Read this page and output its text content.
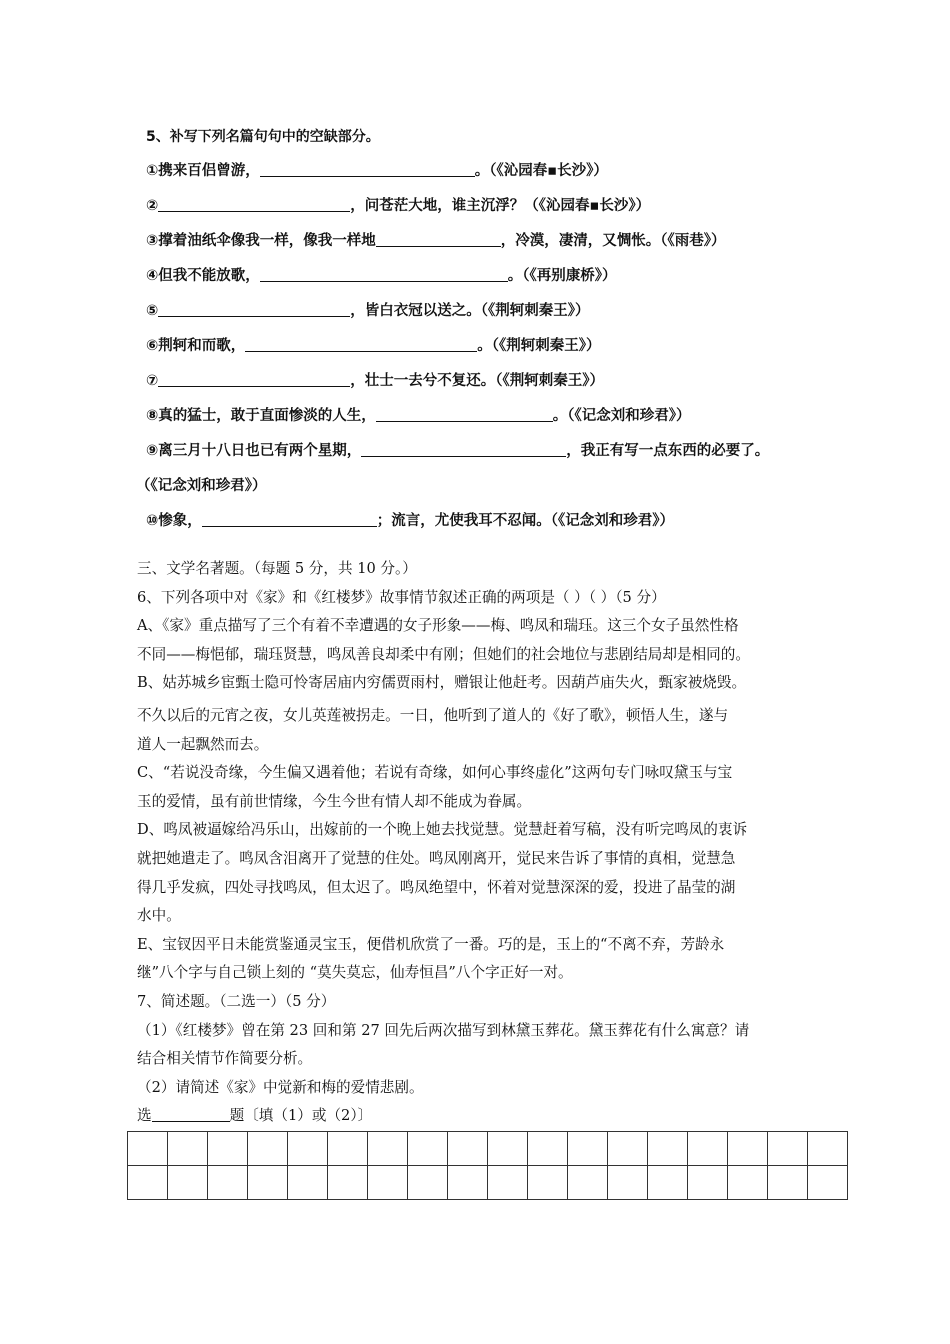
5、补写下列名篇句句中的空缺部分。
①携来百侣曾游，	。（《沁园春▪长沙》）
②	，问苍茫大地，谁主沉浮？（《沁园春▪长沙》）
③撑着油纸伞像我一样，像我一样地	，冷漠，凄清，又惆怅。（《雨巷》）
④但我不能放歌，	。（《再别康桥》）
⑤	，皆白衣冠以送之。（《荆轲刺秦王》）
⑥荆轲和而歌，	。（《荆轲刺秦王》）
⑦	，壮士一去兮不复还。（《荆轲刺秦王》）
⑧真的猛士，敢于直面惨淡的人生，	。（《记念刘和珍君》）
⑨离三月十八日也已有两个星期，	，我正有写一点东西的必要了。
（《记念刘和珍君》）
⑩惨象，	；流言，尤使我耳不忍闻。（《记念刘和珍君》）
三、文学名著题。（每题 5 分，共 10 分。）
6、下列各项中对《家》和《红楼梦》故事情节叙述正确的两项是（ ）（ ）（5 分）
A、《家》重点描写了三个有着不幸遭遇的女子形象——梅、鸣凤和瑞珏。这三个女子虽然性格
不同——梅悒郁，瑞珏贤慧，鸣凤善良却柔中有刚；但她们的社会地位与悲剧结局却是相同的。
B、姑苏城乡宦甄士隐可怜寄居庙内穷儒贾雨村，赠银让他赶考。因葫芦庙失火，甄家被烧毁。
不久以后的元宵之夜，女儿英莲被拐走。一日，他听到了道人的《好了歌》，顿悟人生，遂与
道人一起飘然而去。
C、“若说没奇缘，今生偏又遇着他；若说有奇缘，如何心事终虚化”这两句专门咏叹黛玉与宝
玉的爱情，虽有前世情缘，今生今世有情人却不能成为眷属。
D、鸣凤被逼嫁给冯乐山，出嫁前的一个晚上她去找觉慧。觉慧赶着写稿，没有听完鸣凤的衷诉
就把她遣走了。鸣凤含泪离开了觉慧的住处。鸣凤刚离开，觉民来告诉了事情的真相，觉慧急
得几乎发疯，四处寻找鸣凤，但太迟了。鸣凤绝望中，怀着对觉慧深深的爱，投进了晶莹的湖
水中。
E、宝钗因平日未能赏鉴通灵宝玉，便借机欣赏了一番。巧的是，玉上的“不离不弃，芳龄永
继”八个字与自己锁上刻的 “莫失莫忘，仙寿恒昌”八个字正好一对。
7、简述题。（二选一）（5 分）
（1）《红楼梦》曾在第 23 回和第 27 回先后两次描写到林黛玉葬花。黛玉葬花有什么寓意？请
结合相关情节作简要分析。
（2）请简述《家》中觉新和梅的爱情悲剧。
选	题〔填（1）或（2）〕
